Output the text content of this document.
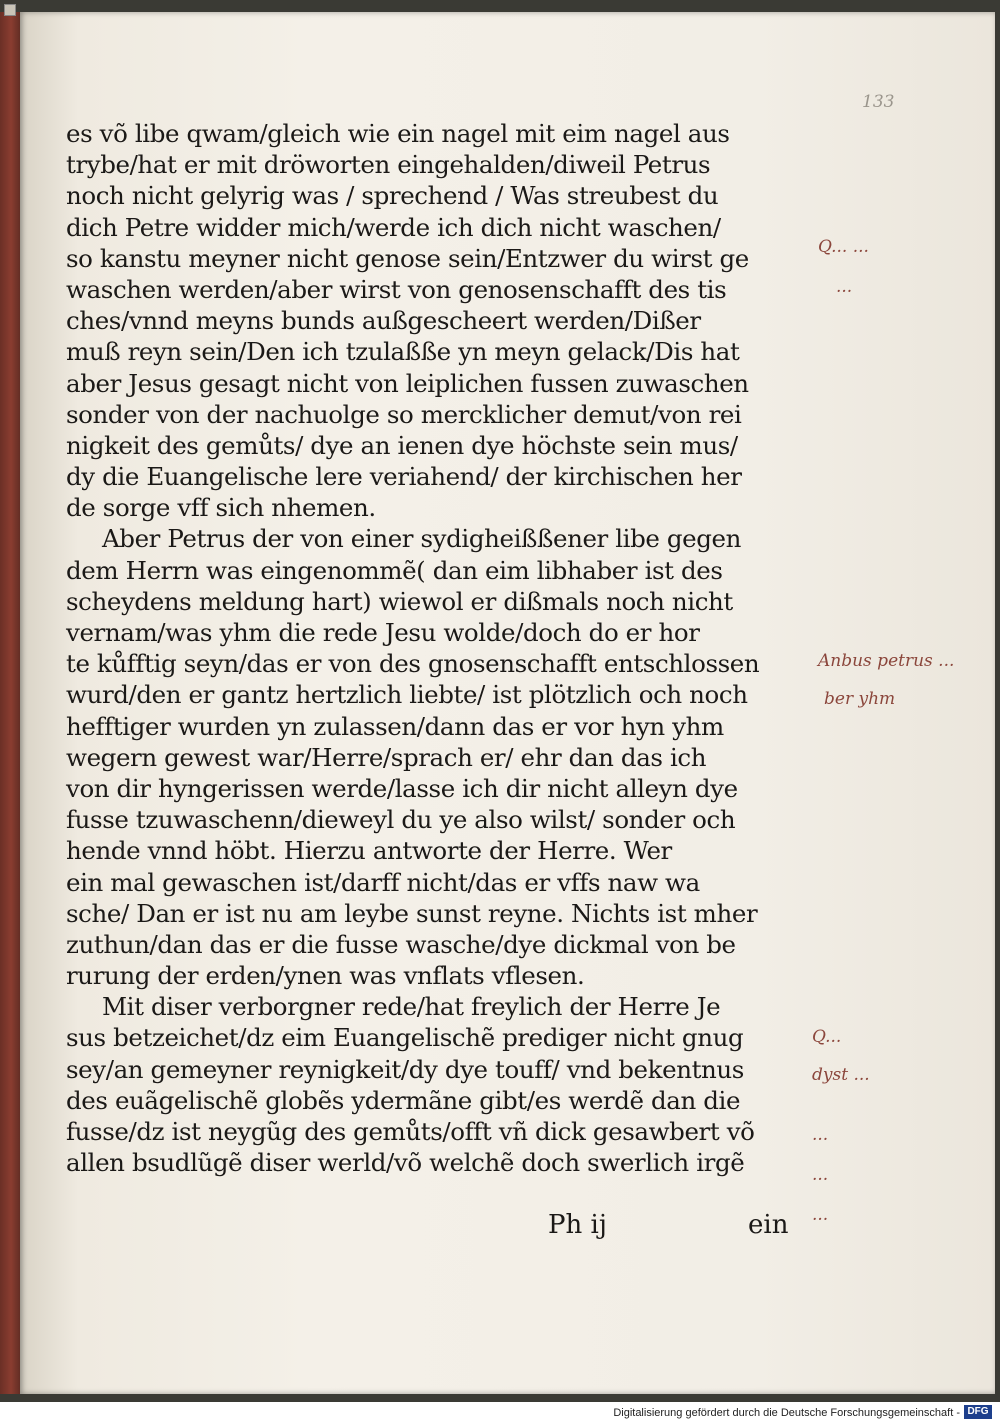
133
es võ libe qwam/gleich wie ein nagel mit eim nagel aus
trybe/hat er mit dröworten eingehalden/diweil Petrus
noch nicht gelyrig was / sprechend / Was streubest du
dich Petre widder mich/werde ich dich nicht waschen/
so kanstu meyner nicht genose sein/Entzwer du wirst ge
waschen werden/aber wirst von genosenschafft des tis
ches/vnnd meyns bunds außgescheert werden/Dißer
muß reyn sein/Den ich tzulaßße yn meyn gelack/Dis hat
aber Jesus gesagt nicht von leiplichen fussen zuwaschen
sonder von der nachuolge so mercklicher demut/von rei
nigkeit des gemůts/ dye an ienen dye höchste sein mus/
dy die Euangelische lere veriahend/ der kirchischen her
de sorge vff sich nhemen.
Aber Petrus der von einer sydigheißßener libe gegen
dem Herrn was eingenommẽ( dan eim libhaber ist des
scheydens meldung hart) wiewol er dißmals noch nicht
vernam/was yhm die rede Jesu wolde/doch do er hor
te kůfftig seyn/das er von des gnosenschafft entschlossen
wurd/den er gantz hertzlich liebte/ ist plötzlich och noch
hefftiger wurden yn zulassen/dann das er vor hyn yhm
wegern gewest war/Herre/sprach er/ ehr dan das ich
von dir hyngerissen werde/lasse ich dir nicht alleyn dye
fusse tzuwaschenn/dieweyl du ye also wilst/ sonder och
hende vnnd höbt. Hierzu antworte der Herre. Wer
ein mal gewaschen ist/darff nicht/das er vffs naw wa
sche/ Dan er ist nu am leybe sunst reyne. Nichts ist mher
zuthun/dan das er die fusse wasche/dye dickmal von be
rurung der erden/ynen was vnflats vflesen.
Mit diser verborgner rede/hat freylich der Herre Je
sus betzeichet/dz eim Euangelischẽ prediger nicht gnug
sey/an gemeyner reynigkeit/dy dye touff/ vnd bekentnus
des euãgelischẽ globẽs ydermãne gibt/es werdẽ dan die
fusse/dz ist neygũg des gemůts/offt vñ dick gesawbert võ
allen bsudlũgẽ diser werld/võ welchẽ doch swerlich irgẽ
Ph ij	ein
Q... ...
...
Anbus petrus ...
ber yhm
Q...
dyst ...
...
...
...
Digitalisierung gefördert durch die Deutsche Forschungsgemeinschaft - DFG
